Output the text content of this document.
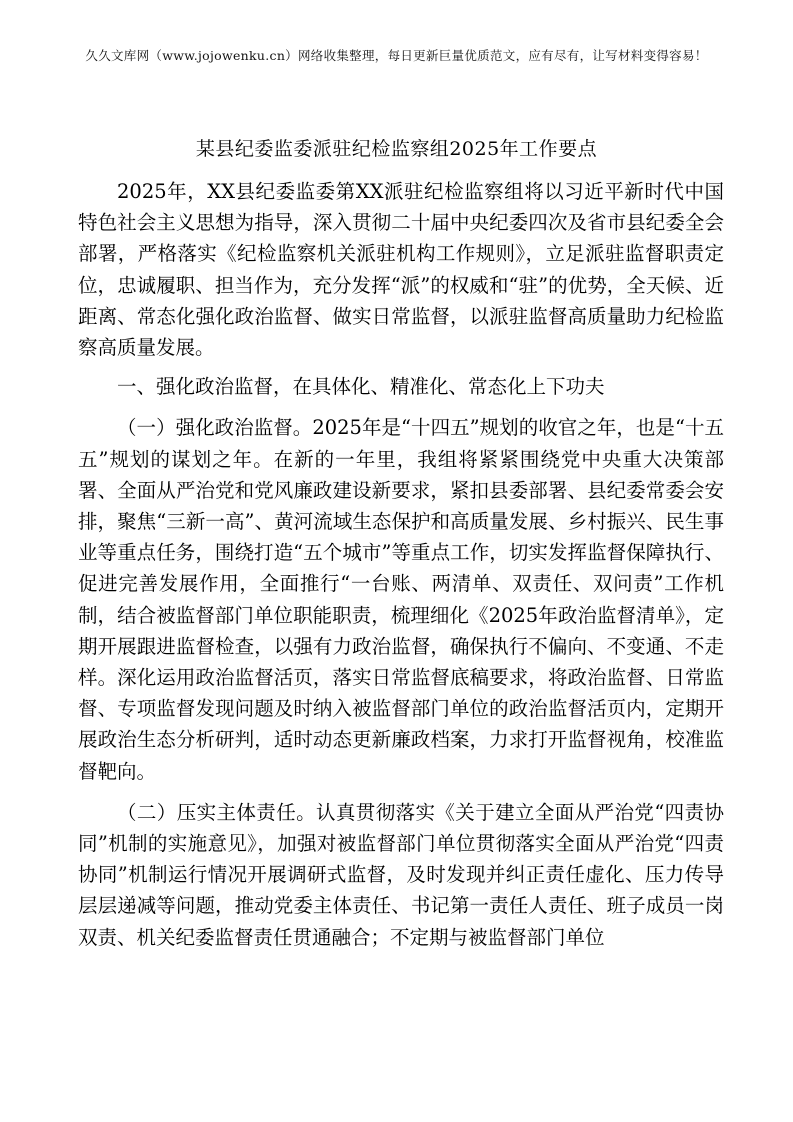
久久文库网（www.jojowenku.cn）网络收集整理，每日更新巨量优质范文，应有尽有，让写材料变得容易！
某县纪委监委派驻纪检监察组2025年工作要点

2025年，XX县纪委监委第XX派驻纪检监察组将以习近平新时代中国特色社会主义思想为指导，深入贯彻二十届中央纪委四次及省市县纪委全会部署，严格落实《纪检监察机关派驻机构工作规则》，立足派驻监督职责定位，忠诚履职、担当作为，充分发挥“派”的权威和“驻”的优势，全天候、近距离、常态化强化政治监督、做实日常监督，以派驻监督高质量助力纪检监察高质量发展。

一、强化政治监督，在具体化、精准化、常态化上下功夫

（一）强化政治监督。2025年是“十四五”规划的收官之年，也是“十五五”规划的谋划之年。在新的一年里，我组将紧紧围绕党中央重大决策部署、全面从严治党和党风廉政建设新要求，紧扣县委部署、县纪委常委会安排，聚焦“三新一高”、黄河流域生态保护和高质量发展、乡村振兴、民生事业等重点任务，围绕打造“五个城市”等重点工作，切实发挥监督保障执行、促进完善发展作用，全面推行“一台账、两清单、双责任、双问责”工作机制，结合被监督部门单位职能职责，梳理细化《2025年政治监督清单》，定期开展跟进监督检查，以强有力政治监督，确保执行不偏向、不变通、不走样。深化运用政治监督活页，落实日常监督底稿要求，将政治监督、日常监督、专项监督发现问题及时纳入被监督部门单位的政治监督活页内，定期开展政治生态分析研判，适时动态更新廉政档案，力求打开监督视角，校准监督靶向。

（二）压实主体责任。认真贯彻落实《关于建立全面从严治党“四责协同”机制的实施意见》，加强对被监督部门单位贯彻落实全面从严治党“四责协同”机制运行情况开展调研式监督，及时发现并纠正责任虚化、压力传导层层递减等问题，推动党委主体责任、书记第一责任人责任、班子成员一岗双责、机关纪委监督责任贯通融合；不定期与被监督部门单位
